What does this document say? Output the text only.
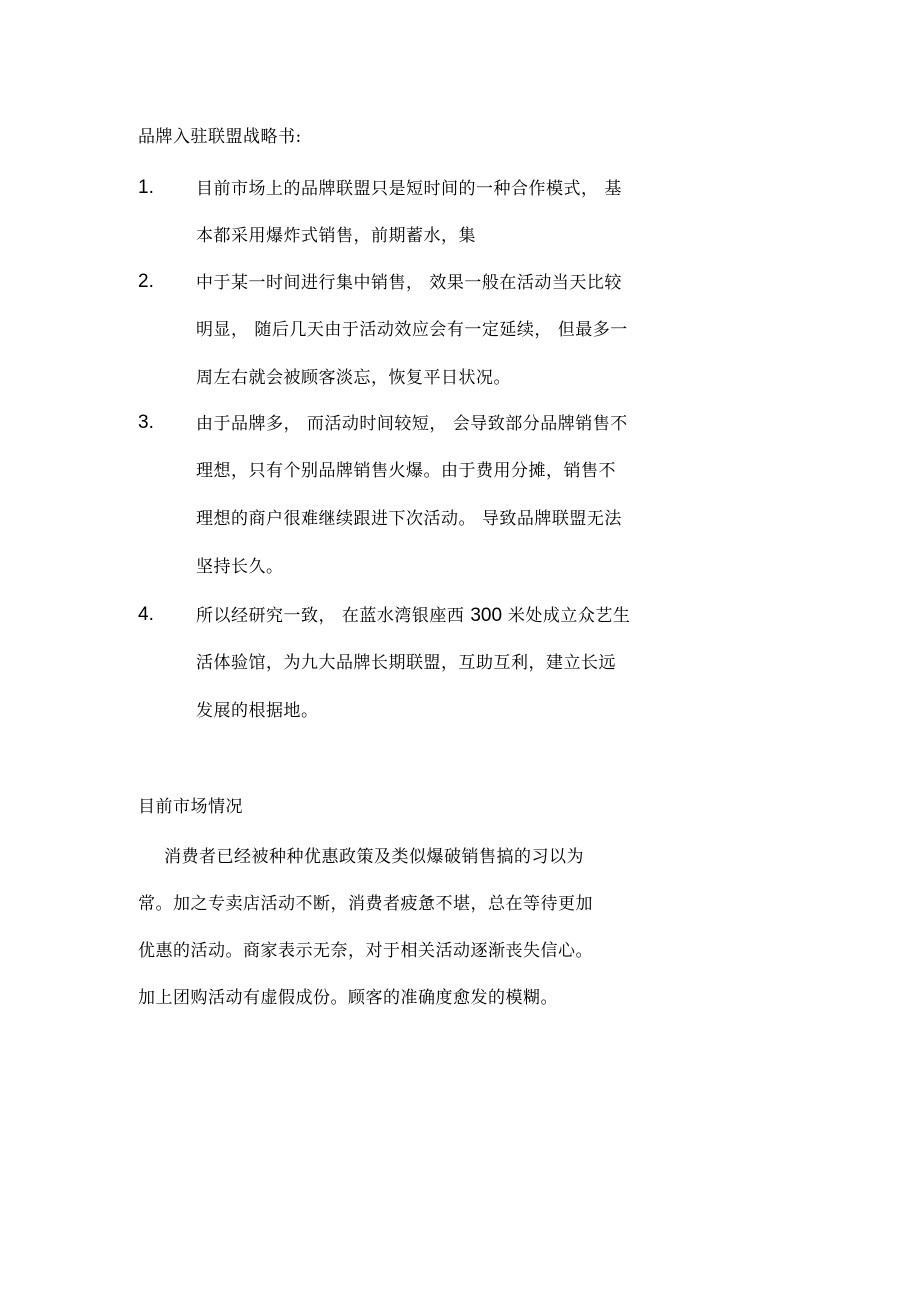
品牌入驻联盟战略书:
1. 目前市场上的品牌联盟只是短时间的一种合作模式， 基
本都采用爆炸式销售，前期蓄水，集
2. 中于某一时间进行集中销售， 效果一般在活动当天比较
明显， 随后几天由于活动效应会有一定延续， 但最多一
周左右就会被顾客淡忘，恢复平日状况。
3. 由于品牌多， 而活动时间较短， 会导致部分品牌销售不
理想，只有个别品牌销售火爆。由于费用分摊，销售不
理想的商户很难继续跟进下次活动。 导致品牌联盟无法
坚持长久。
4. 所以经研究一致， 在蓝水湾银座西 300 米处成立众艺生
活体验馆，为九大品牌长期联盟，互助互利，建立长远
发展的根据地。
目前市场情况
消费者已经被种种优惠政策及类似爆破销售搞的习以为
常。加之专卖店活动不断，消费者疲惫不堪，总在等待更加
优惠的活动。商家表示无奈，对于相关活动逐渐丧失信心。
加上团购活动有虚假成份。顾客的准确度愈发的模糊。
